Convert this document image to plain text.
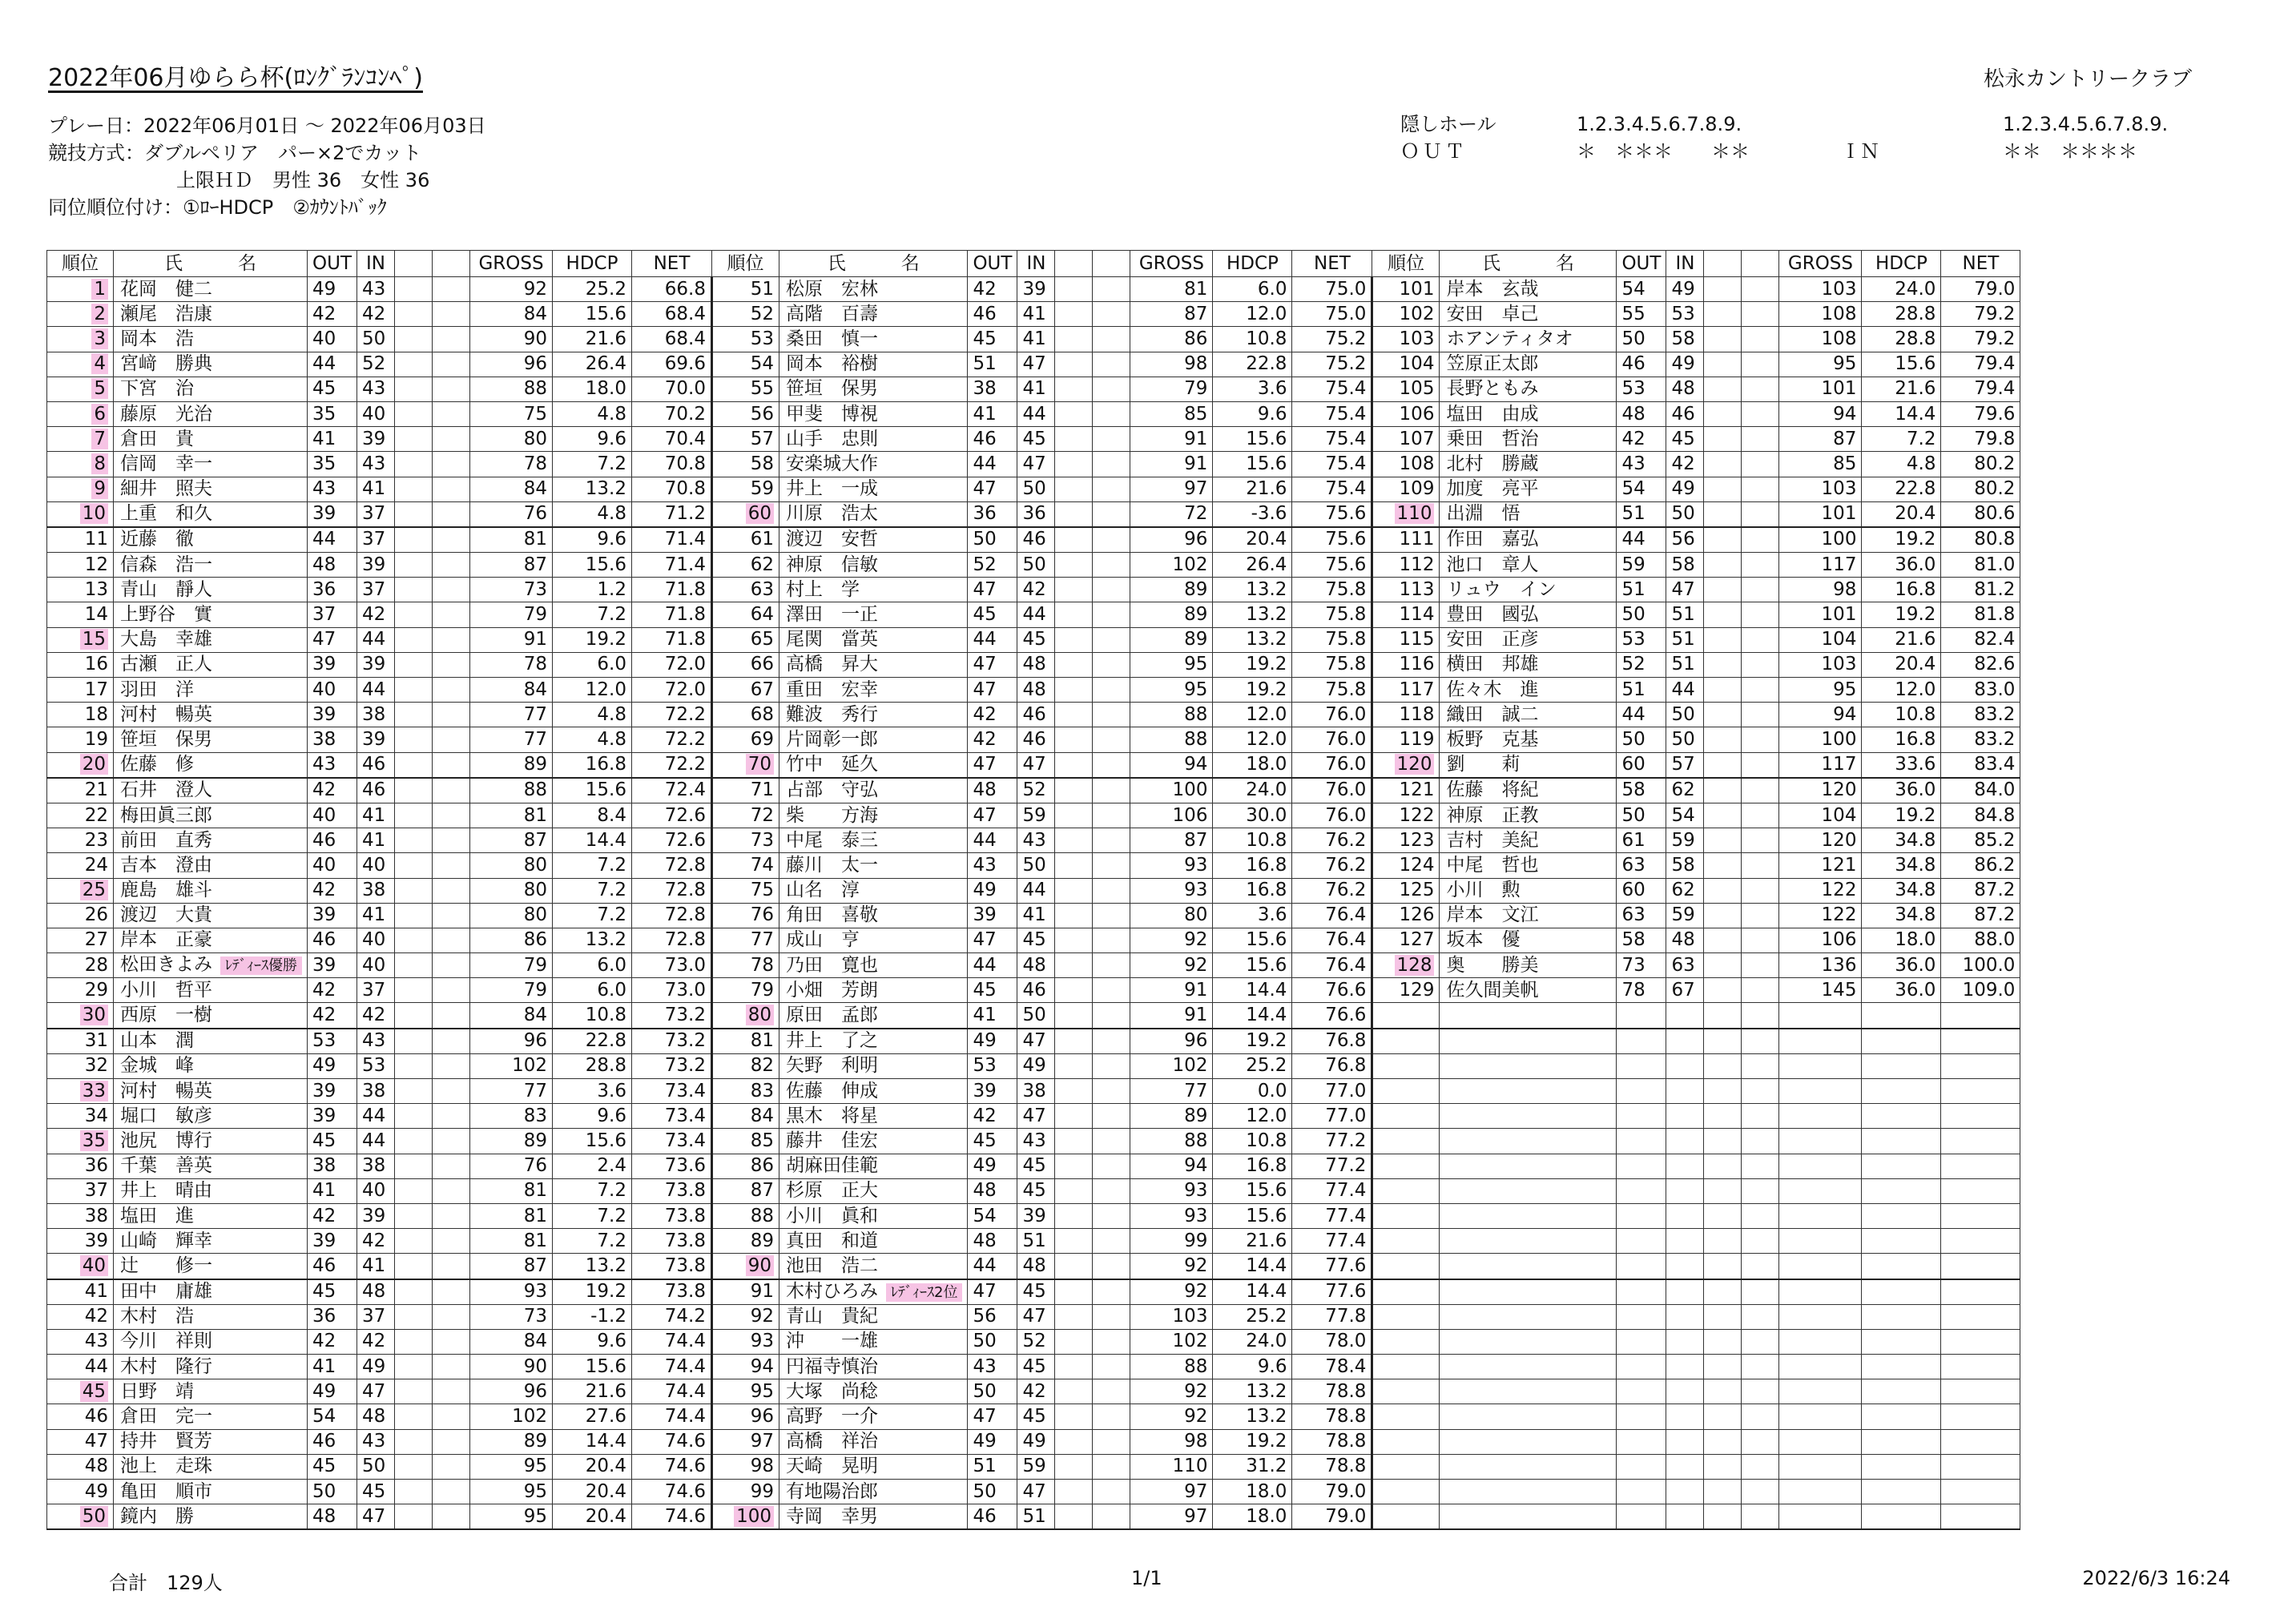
2022年06月ゆらら杯(ﾛﾝｸﾞﾗﾝｺﾝﾍﾟ)	松永カントリークラブ
プレー日：2022年06月01日 ～ 2022年06月03日
競技方式：ダブルペリア　パー×2でカット
上限ＨＤ　男性 36　女性 36
同位順位付け：①ﾛｰHDCP　②ｶｳﾝﾄﾊﾞｯｸ
隠しホール
ＯＵＴ
1.2.3.4.5.6.7.8.9.
＊　＊＊＊　　＊＊	ＩＮ
1.2.3.4.5.6.7.8.9.
＊＊　＊＊＊＊
順位	氏　　　名	OUT	IN			GROSS	HDCP	NET	順位	氏　　　名	OUT	IN			GROSS	HDCP	NET	順位	氏　　　名	OUT	IN			GROSS	HDCP	NET
1	花岡　健二	49	43			92	25.2	66.8	51	松原　宏林	42	39			81	6.0	75.0	101	岸本　玄哉	54	49			103	24.0	79.0
2	瀬尾　浩康	42	42			84	15.6	68.4	52	高階　百壽	46	41			87	12.0	75.0	102	安田　卓己	55	53			108	28.8	79.2
3	岡本　浩	40	50			90	21.6	68.4	53	桑田　慎一	45	41			86	10.8	75.2	103	ホアンティタオ	50	58			108	28.8	79.2
4	宮﨑　勝典	44	52			96	26.4	69.6	54	岡本　裕樹	51	47			98	22.8	75.2	104	笠原正太郎	46	49			95	15.6	79.4
5	下宮　治	45	43			88	18.0	70.0	55	笹垣　保男	38	41			79	3.6	75.4	105	長野ともみ	53	48			101	21.6	79.4
6	藤原　光治	35	40			75	4.8	70.2	56	甲斐　博視	41	44			85	9.6	75.4	106	塩田　由成	48	46			94	14.4	79.6
7	倉田　貴	41	39			80	9.6	70.4	57	山手　忠則	46	45			91	15.6	75.4	107	乗田　哲治	42	45			87	7.2	79.8
8	信岡　幸一	35	43			78	7.2	70.8	58	安楽城大作	44	47			91	15.6	75.4	108	北村　勝蔵	43	42			85	4.8	80.2
9	細井　照夫	43	41			84	13.2	70.8	59	井上　一成	47	50			97	21.6	75.4	109	加度　亮平	54	49			103	22.8	80.2
10	上重　和久	39	37			76	4.8	71.2	60	川原　浩太	36	36			72	-3.6	75.6	110	出淵　悟	51	50			101	20.4	80.6
11	近藤　徹	44	37			81	9.6	71.4	61	渡辺　安哲	50	46			96	20.4	75.6	111	作田　嘉弘	44	56			100	19.2	80.8
12	信森　浩一	48	39			87	15.6	71.4	62	神原　信敏	52	50			102	26.4	75.6	112	池口　章人	59	58			117	36.0	81.0
13	青山　靜人	36	37			73	1.2	71.8	63	村上　学	47	42			89	13.2	75.8	113	リュウ　イン	51	47			98	16.8	81.2
14	上野谷　實	37	42			79	7.2	71.8	64	澤田　一正	45	44			89	13.2	75.8	114	豊田　國弘	50	51			101	19.2	81.8
15	大島　幸雄	47	44			91	19.2	71.8	65	尾関　當英	44	45			89	13.2	75.8	115	安田　正彦	53	51			104	21.6	82.4
16	古瀬　正人	39	39			78	6.0	72.0	66	高橋　昇大	47	48			95	19.2	75.8	116	横田　邦雄	52	51			103	20.4	82.6
17	羽田　洋	40	44			84	12.0	72.0	67	重田　宏幸	47	48			95	19.2	75.8	117	佐々木　進	51	44			95	12.0	83.0
18	河村　暢英	39	38			77	4.8	72.2	68	難波　秀行	42	46			88	12.0	76.0	118	織田　誠二	44	50			94	10.8	83.2
19	笹垣　保男	38	39			77	4.8	72.2	69	片岡彰一郎	42	46			88	12.0	76.0	119	板野　克基	50	50			100	16.8	83.2
20	佐藤　修	43	46			89	16.8	72.2	70	竹中　延久	47	47			94	18.0	76.0	120	劉　　莉	60	57			117	33.6	83.4
21	石井　澄人	42	46			88	15.6	72.4	71	占部　守弘	48	52			100	24.0	76.0	121	佐藤　将紀	58	62			120	36.0	84.0
22	梅田眞三郎	40	41			81	8.4	72.6	72	柴　　方海	47	59			106	30.0	76.0	122	神原　正教	50	54			104	19.2	84.8
23	前田　直秀	46	41			87	14.4	72.6	73	中尾　泰三	44	43			87	10.8	76.2	123	吉村　美紀	61	59			120	34.8	85.2
24	吉本　澄由	40	40			80	7.2	72.8	74	藤川　太一	43	50			93	16.8	76.2	124	中尾　哲也	63	58			121	34.8	86.2
25	鹿島　雄斗	42	38			80	7.2	72.8	75	山名　淳	49	44			93	16.8	76.2	125	小川　勲	60	62			122	34.8	87.2
26	渡辺　大貴	39	41			80	7.2	72.8	76	角田　喜敬	39	41			80	3.6	76.4	126	岸本　文江	63	59			122	34.8	87.2
27	岸本　正豪	46	40			86	13.2	72.8	77	成山　亨	47	45			92	15.6	76.4	127	坂本　優	58	48			106	18.0	88.0
28	松田きよみ ﾚﾃﾞｨｰｽ優勝	39	40			79	6.0	73.0	78	乃田　寛也	44	48			92	15.6	76.4	128	奥　　勝美	73	63			136	36.0	100.0
29	小川　哲平	42	37			79	6.0	73.0	79	小畑　芳朗	45	46			91	14.4	76.6	129	佐久間美帆	78	67			145	36.0	109.0
30	西原　一樹	42	42			84	10.8	73.2	80	原田　孟郎	41	50			91	14.4	76.6									
31	山本　潤	53	43			96	22.8	73.2	81	井上　了之	49	47			96	19.2	76.8									
32	金城　峰	49	53			102	28.8	73.2	82	矢野　利明	53	49			102	25.2	76.8									
33	河村　暢英	39	38			77	3.6	73.4	83	佐藤　伸成	39	38			77	0.0	77.0									
34	堀口　敏彦	39	44			83	9.6	73.4	84	黒木　将星	42	47			89	12.0	77.0									
35	池尻　博行	45	44			89	15.6	73.4	85	藤井　佳宏	45	43			88	10.8	77.2									
36	千葉　善英	38	38			76	2.4	73.6	86	胡麻田佳範	49	45			94	16.8	77.2									
37	井上　晴由	41	40			81	7.2	73.8	87	杉原　正大	48	45			93	15.6	77.4									
38	塩田　進	42	39			81	7.2	73.8	88	小川　眞和	54	39			93	15.6	77.4									
39	山崎　輝幸	39	42			81	7.2	73.8	89	真田　和道	48	51			99	21.6	77.4									
40	辻　　修一	46	41			87	13.2	73.8	90	池田　浩二	44	48			92	14.4	77.6									
41	田中　庸雄	45	48			93	19.2	73.8	91	木村ひろみ ﾚﾃﾞｨｰｽ2位	47	45			92	14.4	77.6									
42	木村　浩	36	37			73	-1.2	74.2	92	青山　貴紀	56	47			103	25.2	77.8									
43	今川　祥則	42	42			84	9.6	74.4	93	沖　　一雄	50	52			102	24.0	78.0									
44	木村　隆行	41	49			90	15.6	74.4	94	円福寺慎治	43	45			88	9.6	78.4									
45	日野　靖	49	47			96	21.6	74.4	95	大塚　尚稔	50	42			92	13.2	78.8									
46	倉田　完一	54	48			102	27.6	74.4	96	高野　一介	47	45			92	13.2	78.8									
47	持井　賢芳	46	43			89	14.4	74.6	97	高橋　祥治	49	49			98	19.2	78.8									
48	池上　走珠	45	50			95	20.4	74.6	98	天崎　晃明	51	59			110	31.2	78.8									
49	亀田　順市	50	45			95	20.4	74.6	99	有地陽治郎	50	47			97	18.0	79.0									
50	鏡内　勝	48	47			95	20.4	74.6	100	寺岡　幸男	46	51			97	18.0	79.0									
合計　129人	1/1	2022/6/3 16:24
